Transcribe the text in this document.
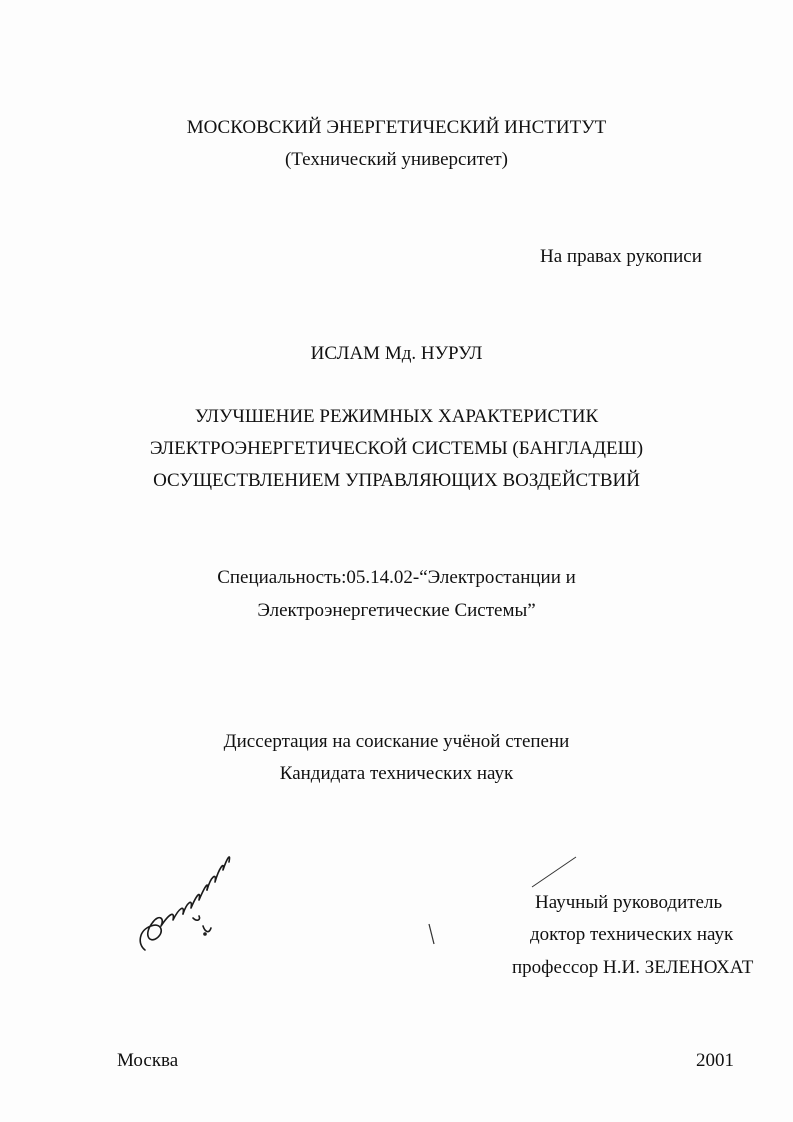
МОСКОВСКИЙ ЭНЕРГЕТИЧЕСКИЙ ИНСТИТУТ
(Технический университет)
На правах рукописи
ИСЛАМ Мд. НУРУЛ
УЛУЧШЕНИЕ РЕЖИМНЫХ ХАРАКТЕРИСТИК
ЭЛЕКТРОЭНЕРГЕТИЧЕСКОЙ СИСТЕМЫ (БАНГЛАДЕШ)
ОСУЩЕСТВЛЕНИЕМ УПРАВЛЯЮЩИХ ВОЗДЕЙСТВИЙ
Специальность:05.14.02-“Электростанции и
Электроэнергетические Системы”
Диссертация на соискание учёной степени
Кандидата технических наук
Научный руководитель
доктор технических наук
профессор Н.И. ЗЕЛЕНОХАТ
Москва	2001
